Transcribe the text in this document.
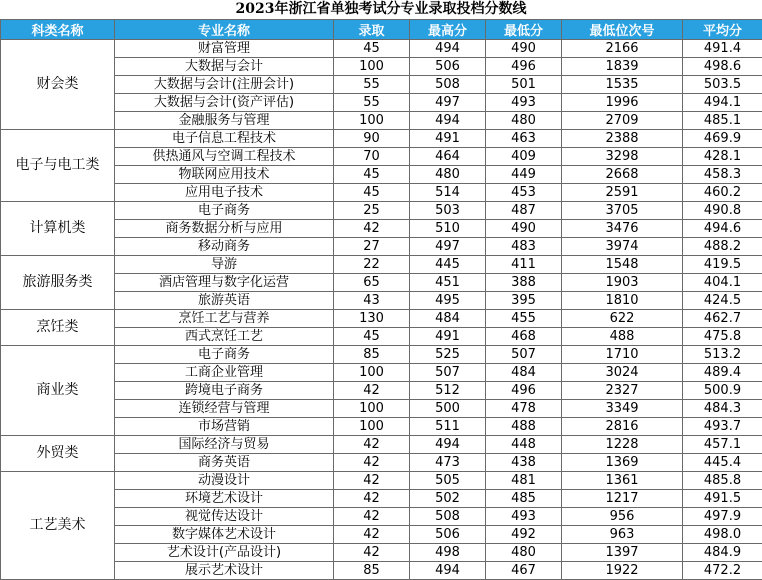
2023年浙江省单独考试分专业录取投档分数线
科类名称	专业名称	录取	最高分	最低分	最低位次号	平均分
财会类	财富管理	45	494	490	2166	491.4
	大数据与会计	100	506	496	1839	498.6
	大数据与会计(注册会计)	55	508	501	1535	503.5
	大数据与会计(资产评估)	55	497	493	1996	494.1
	金融服务与管理	100	494	480	2709	485.1
电子与电工类	电子信息工程技术	90	491	463	2388	469.9
	供热通风与空调工程技术	70	464	409	3298	428.1
	物联网应用技术	45	480	449	2668	458.3
	应用电子技术	45	514	453	2591	460.2
计算机类	电子商务	25	503	487	3705	490.8
	商务数据分析与应用	42	510	490	3476	494.6
	移动商务	27	497	483	3974	488.2
旅游服务类	导游	22	445	411	1548	419.5
	酒店管理与数字化运营	65	451	388	1903	404.1
	旅游英语	43	495	395	1810	424.5
烹饪类	烹饪工艺与营养	130	484	455	622	462.7
	西式烹饪工艺	45	491	468	488	475.8
商业类	电子商务	85	525	507	1710	513.2
	工商企业管理	100	507	484	3024	489.4
	跨境电子商务	42	512	496	2327	500.9
	连锁经营与管理	100	500	478	3349	484.3
	市场营销	100	511	488	2816	493.7
外贸类	国际经济与贸易	42	494	448	1228	457.1
	商务英语	42	473	438	1369	445.4
工艺美术	动漫设计	42	505	481	1361	485.8
	环境艺术设计	42	502	485	1217	491.5
	视觉传达设计	42	508	493	956	497.9
	数字媒体艺术设计	42	506	492	963	498.0
	艺术设计(产品设计)	42	498	480	1397	484.9
	展示艺术设计	85	494	467	1922	472.2
